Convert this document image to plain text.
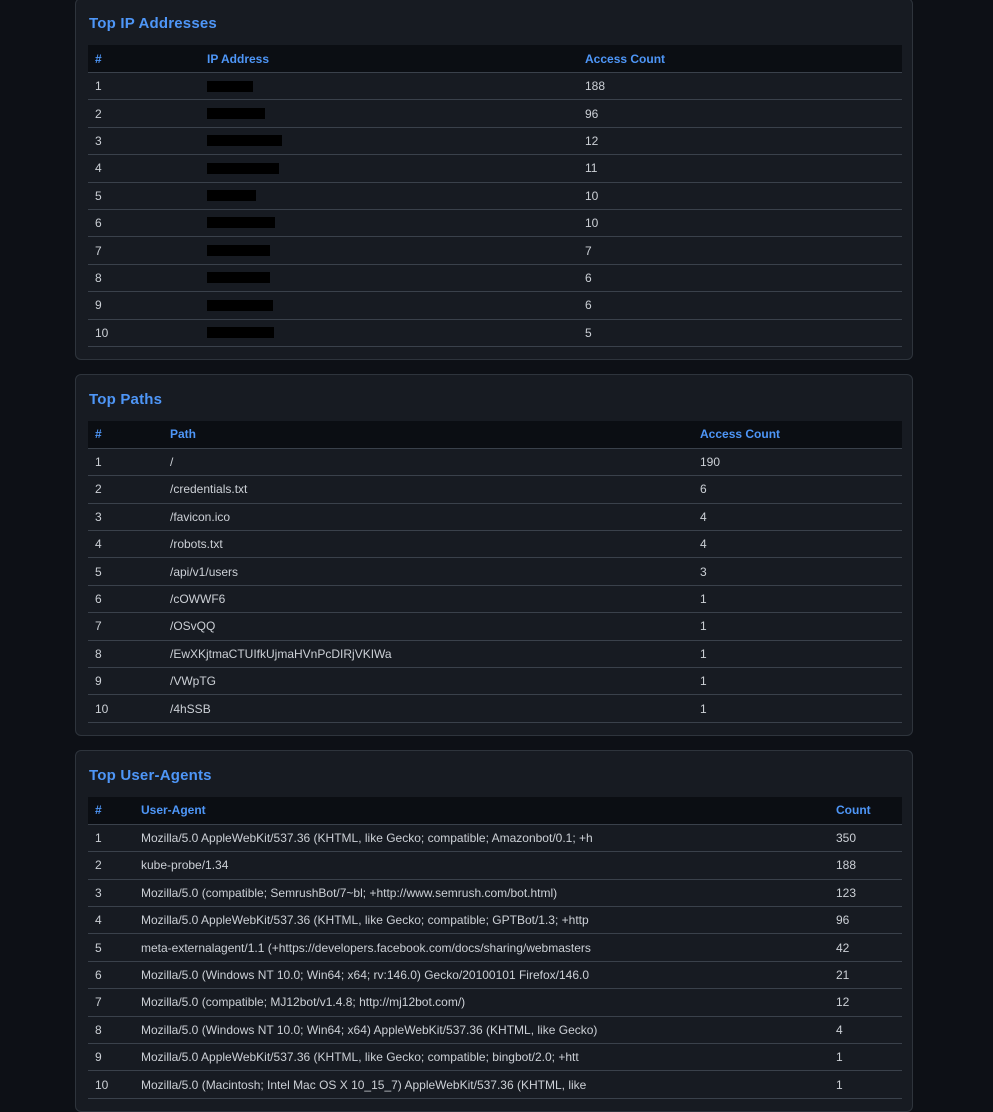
Top IP Addresses
#	IP Address	Access Count
1		188
2		96
3		12
4		11
5		10
6		10
7		7
8		6
9		6
10		5
Top Paths
#	Path	Access Count
1	/	190
2	/credentials.txt	6
3	/favicon.ico	4
4	/robots.txt	4
5	/api/v1/users	3
6	/cOWWF6	1
7	/OSvQQ	1
8	/EwXKjtmaCTUIfkUjmaHVnPcDIRjVKIWa	1
9	/VWpTG	1
10	/4hSSB	1
Top User-Agents
#	User-Agent	Count
1	Mozilla/5.0 AppleWebKit/537.36 (KHTML, like Gecko; compatible; Amazonbot/0.1; +h	350
2	kube-probe/1.34	188
3	Mozilla/5.0 (compatible; SemrushBot/7~bl; +http://www.semrush.com/bot.html)	123
4	Mozilla/5.0 AppleWebKit/537.36 (KHTML, like Gecko; compatible; GPTBot/1.3; +http	96
5	meta-externalagent/1.1 (+https://developers.facebook.com/docs/sharing/webmasters	42
6	Mozilla/5.0 (Windows NT 10.0; Win64; x64; rv:146.0) Gecko/20100101 Firefox/146.0	21
7	Mozilla/5.0 (compatible; MJ12bot/v1.4.8; http://mj12bot.com/)	12
8	Mozilla/5.0 (Windows NT 10.0; Win64; x64) AppleWebKit/537.36 (KHTML, like Gecko)	4
9	Mozilla/5.0 AppleWebKit/537.36 (KHTML, like Gecko; compatible; bingbot/2.0; +htt	1
10	Mozilla/5.0 (Macintosh; Intel Mac OS X 10_15_7) AppleWebKit/537.36 (KHTML, like	1
